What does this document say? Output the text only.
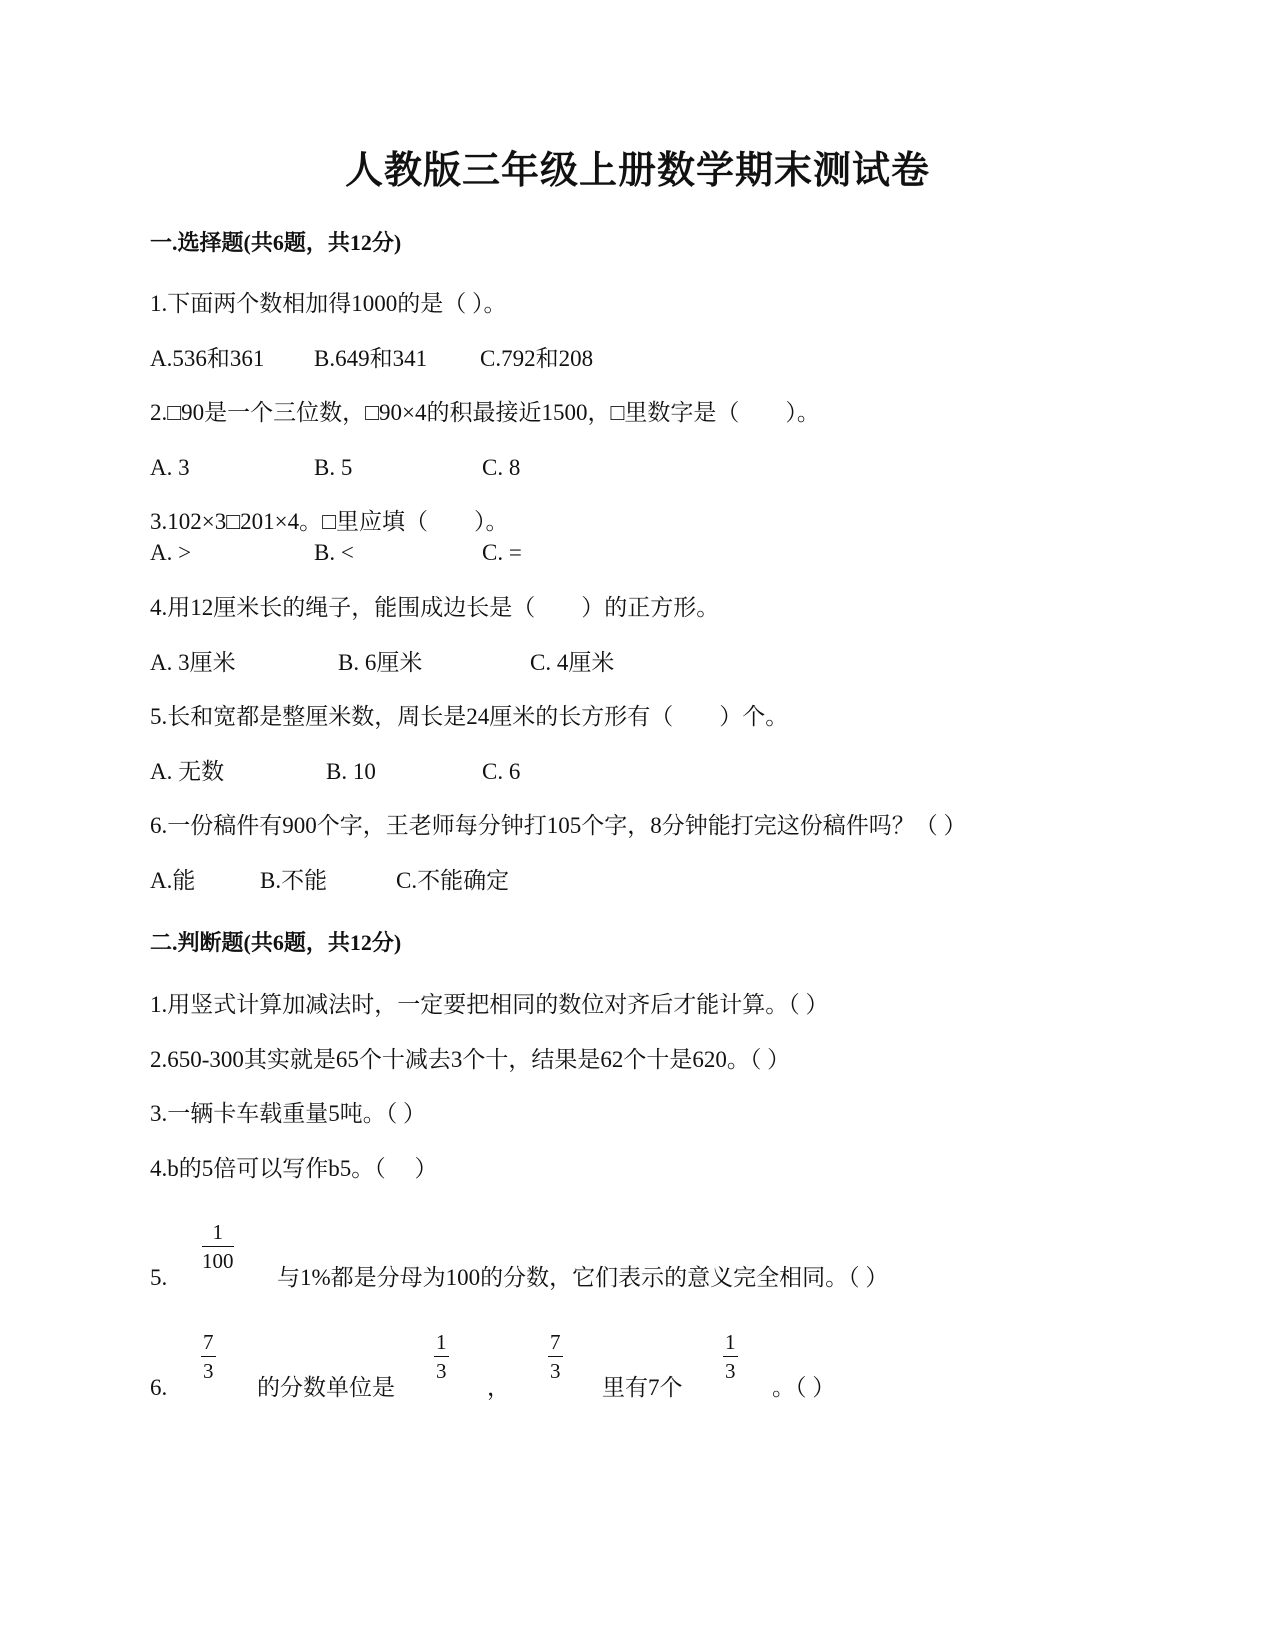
人教版三年级上册数学期末测试卷
一.选择题(共6题，共12分)
1.下面两个数相加得1000的是（ ）。
A.536和361 B.649和341 C.792和208
2.□90是一个三位数，□90×4的积最接近1500，□里数字是（　　）。
A. 3	B. 5	C. 8
3.102×3□201×4。□里应填（　　）。
A. >	B. <	C. =
4.用12厘米长的绳子，能围成边长是（　　）的正方形。
A. 3厘米	B. 6厘米	C. 4厘米
5.长和宽都是整厘米数，周长是24厘米的长方形有（　　）个。
A. 无数	B. 10	C. 6
6.一份稿件有900个字，王老师每分钟打105个字，8分钟能打完这份稿件吗？（ ）
A.能	B.不能	C.不能确定
二.判断题(共6题，共12分)
1.用竖式计算加减法时，一定要把相同的数位对齐后才能计算。（ ）
2.650-300其实就是65个十减去3个十，结果是62个十是620。（ ）
3.一辆卡车载重量5吨。（ ）
4.b的5倍可以写作b5。（　 ）
5.
1
100
与1%都是分母为100的分数，它们表示的意义完全相同。（ ）
6.
7
3
的分数单位是
1
3
，
7
3
里有7个
1
3
。（ ）
